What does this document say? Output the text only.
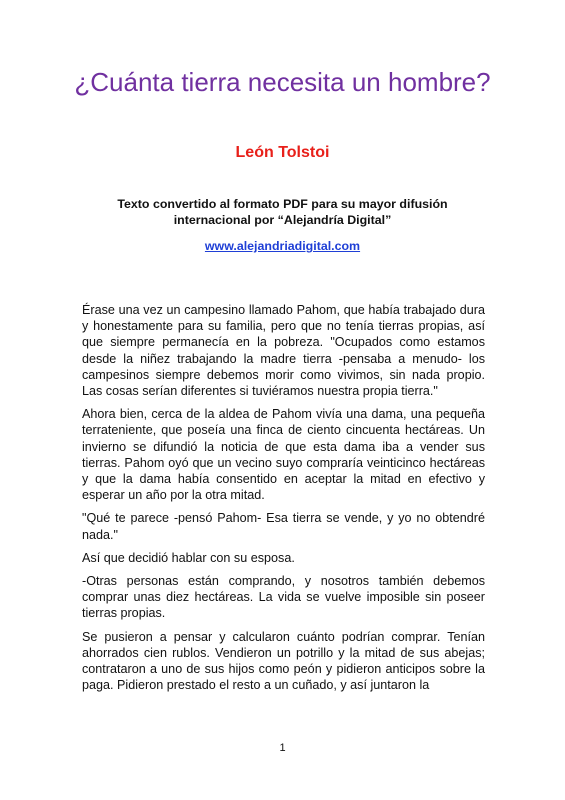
¿Cuánta tierra necesita un hombre?
León Tolstoi
Texto convertido al formato PDF para su mayor difusión
internacional por “Alejandría Digital”
www.alejandriadigital.com

Érase una vez un campesino llamado Pahom, que había trabajado dura y honestamente para su familia, pero que no tenía tierras propias, así que siempre permanecía en la pobreza. "Ocupados como estamos desde la niñez trabajando la madre tierra -pensaba a menudo- los campesinos siempre debemos morir como vivimos, sin nada propio. Las cosas serían diferentes si tuviéramos nuestra propia tierra."

Ahora bien, cerca de la aldea de Pahom vivía una dama, una pequeña terrateniente, que poseía una finca de ciento cincuenta hectáreas. Un invierno se difundió la noticia de que esta dama iba a vender sus tierras. Pahom oyó que un vecino suyo compraría veinticinco hectáreas y que la dama había consentido en aceptar la mitad en efectivo y esperar un año por la otra mitad.

"Qué te parece -pensó Pahom- Esa tierra se vende, y yo no obtendré nada."

Así que decidió hablar con su esposa.

-Otras personas están comprando, y nosotros también debemos comprar unas diez hectáreas. La vida se vuelve imposible sin poseer tierras propias.

Se pusieron a pensar y calcularon cuánto podrían comprar. Tenían ahorrados cien rublos. Vendieron un potrillo y la mitad de sus abejas; contrataron a uno de sus hijos como peón y pidieron anticipos sobre la paga. Pidieron prestado el resto a un cuñado, y así juntaron la

1
